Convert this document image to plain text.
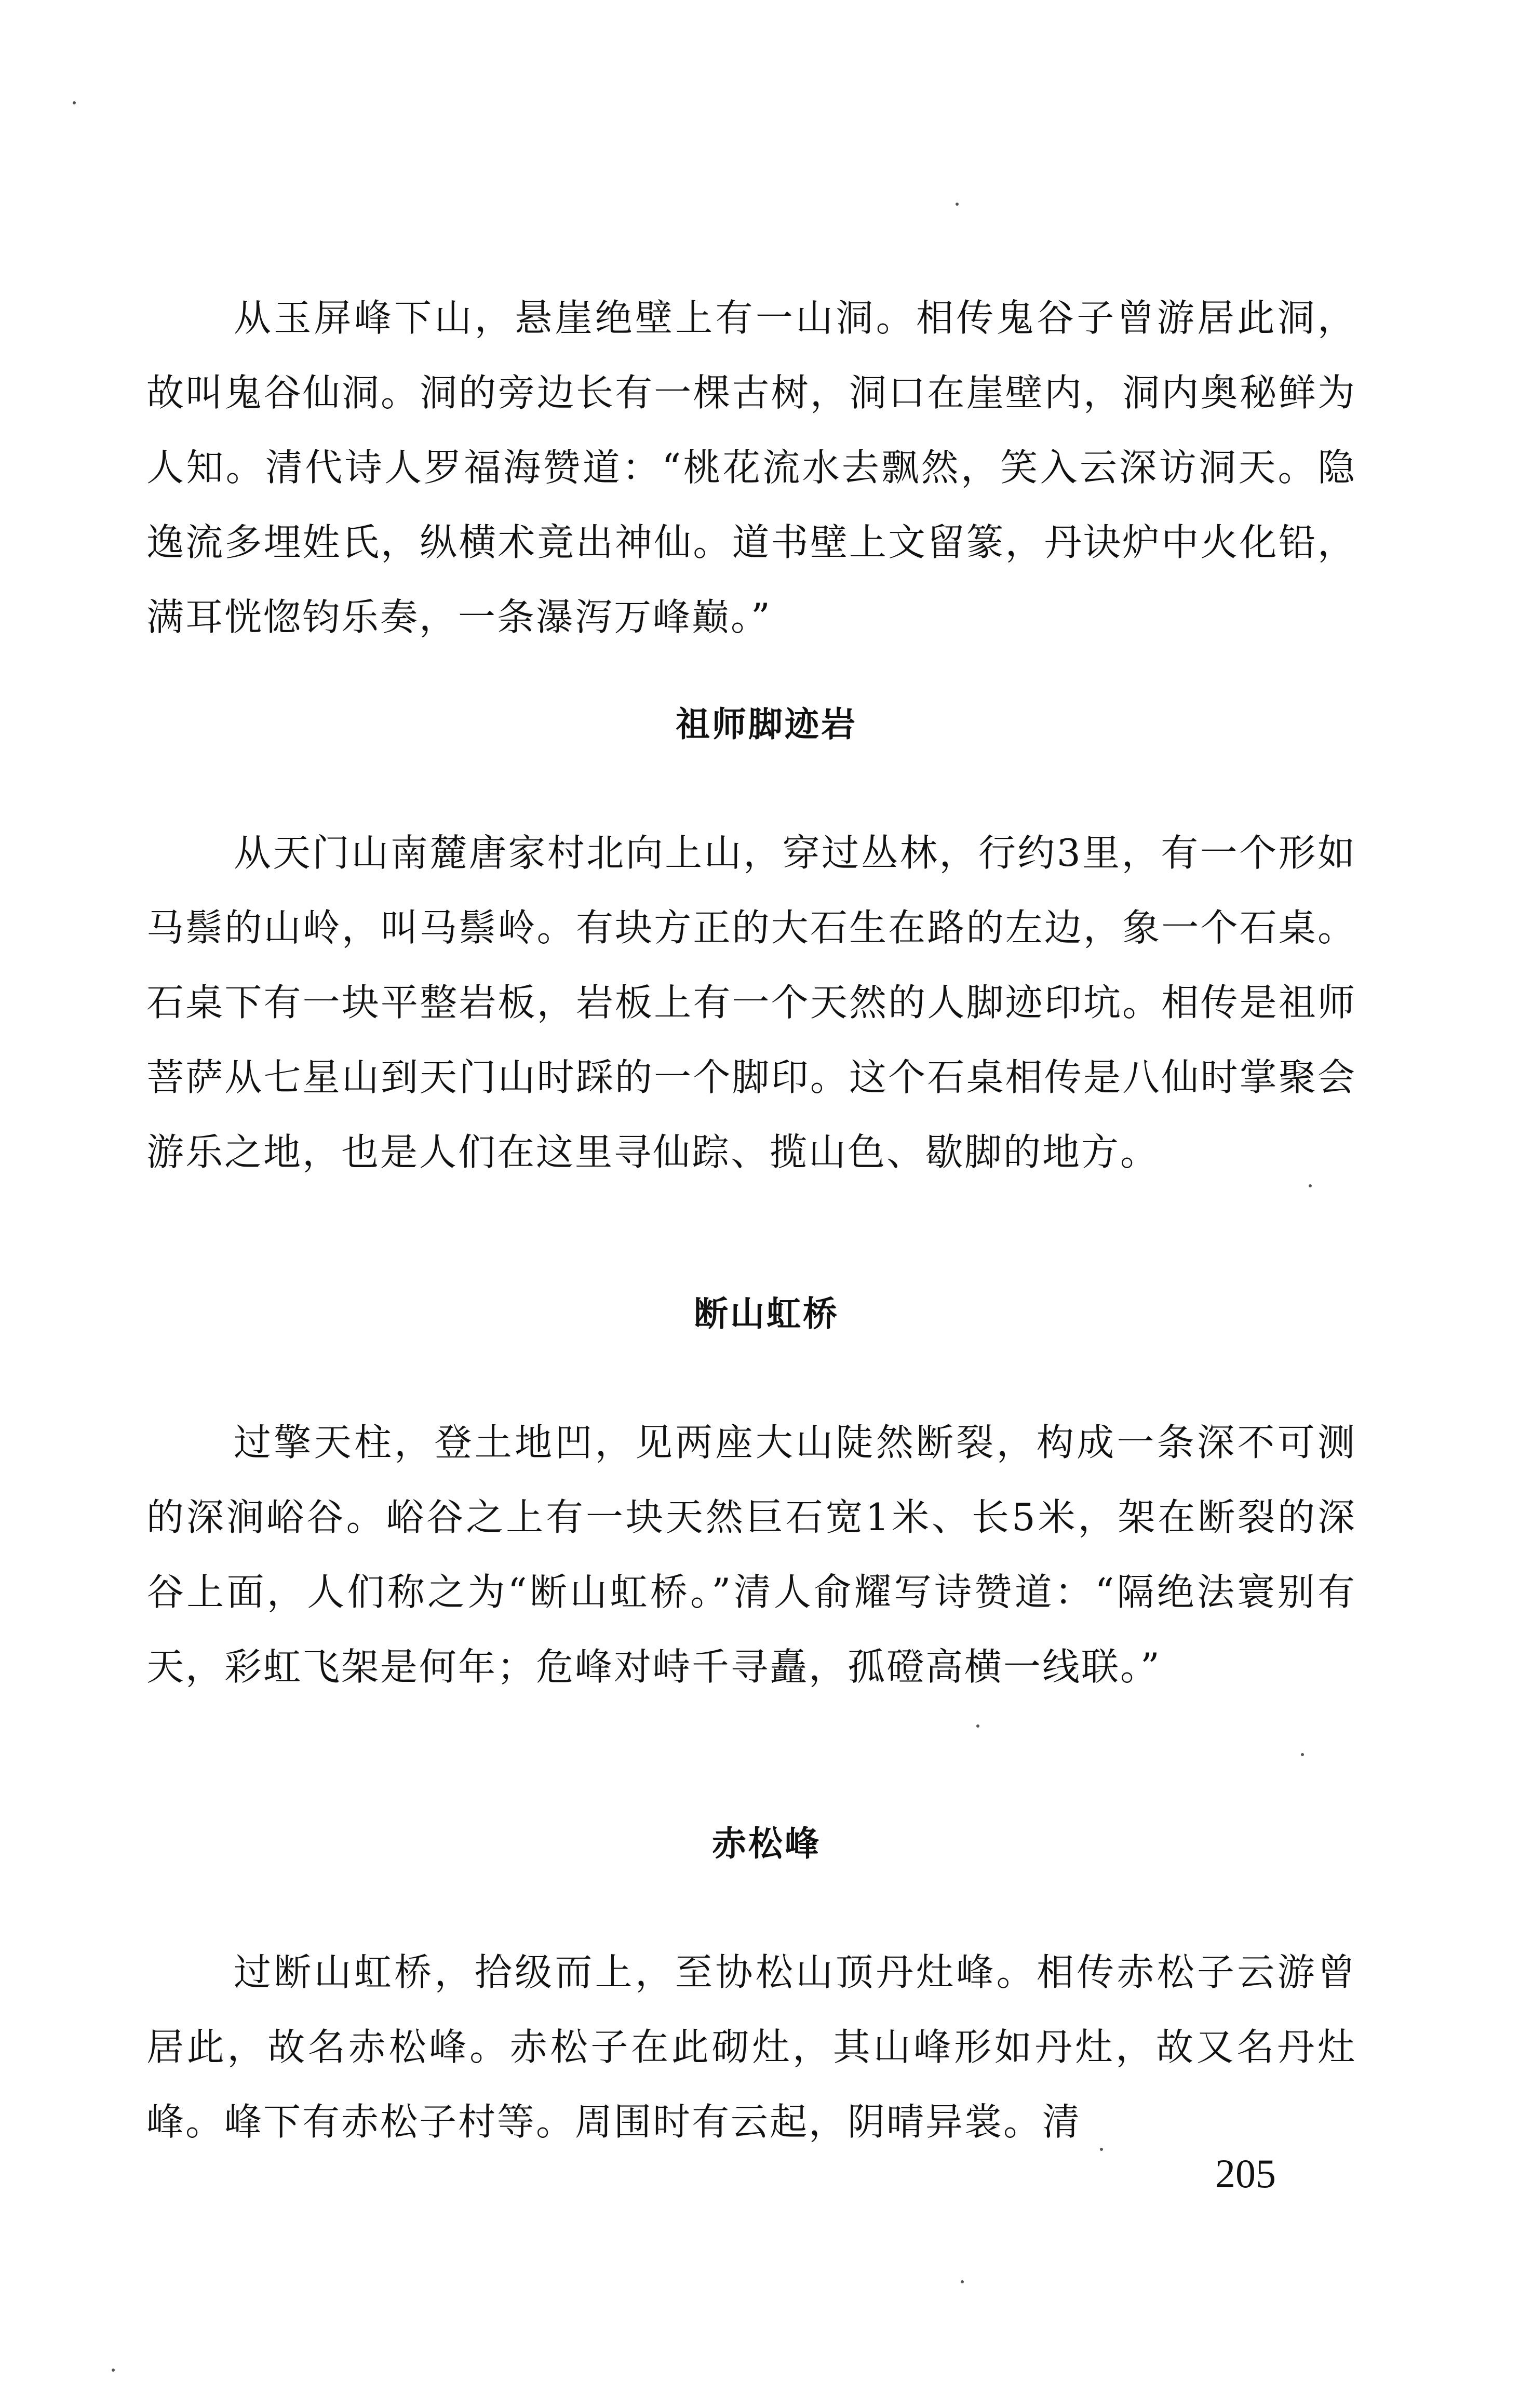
从玉屏峰下山，悬崖绝壁上有一山洞。相传鬼谷子曾游居此洞，故叫鬼谷仙洞。洞的旁边长有一棵古树，洞口在崖壁内，洞内奥秘鲜为人知。清代诗人罗福海赞道：“桃花流水去飘然，笑入云深访洞天。隐逸流多埋姓氏，纵横术竟出神仙。道书壁上文留篆，丹诀炉中火化铅，满耳恍惚钧乐奏，一条瀑泻万峰巅。”

祖师脚迹岩

从天门山南麓唐家村北向上山，穿过丛林，行约3里，有一个形如马鬃的山岭，叫马鬃岭。有块方正的大石生在路的左边，象一个石桌。石桌下有一块平整岩板，岩板上有一个天然的人脚迹印坑。相传是祖师菩萨从七星山到天门山时踩的一个脚印。这个石桌相传是八仙时掌聚会游乐之地，也是人们在这里寻仙踪、揽山色、歇脚的地方。

断山虹桥

过擎天柱，登土地凹，见两座大山陡然断裂，构成一条深不可测的深涧峪谷。峪谷之上有一块天然巨石宽1米、长5米，架在断裂的深谷上面，人们称之为“断山虹桥。”清人俞耀写诗赞道：“隔绝法寰别有天，彩虹飞架是何年；危峰对峙千寻矗，孤磴高横一线联。”

赤松峰

过断山虹桥，拾级而上，至协松山顶丹灶峰。相传赤松子云游曾居此，故名赤松峰。赤松子在此砌灶，其山峰形如丹灶，故又名丹灶峰。峰下有赤松子村等。周围时有云起，阴晴异裳。清

205
